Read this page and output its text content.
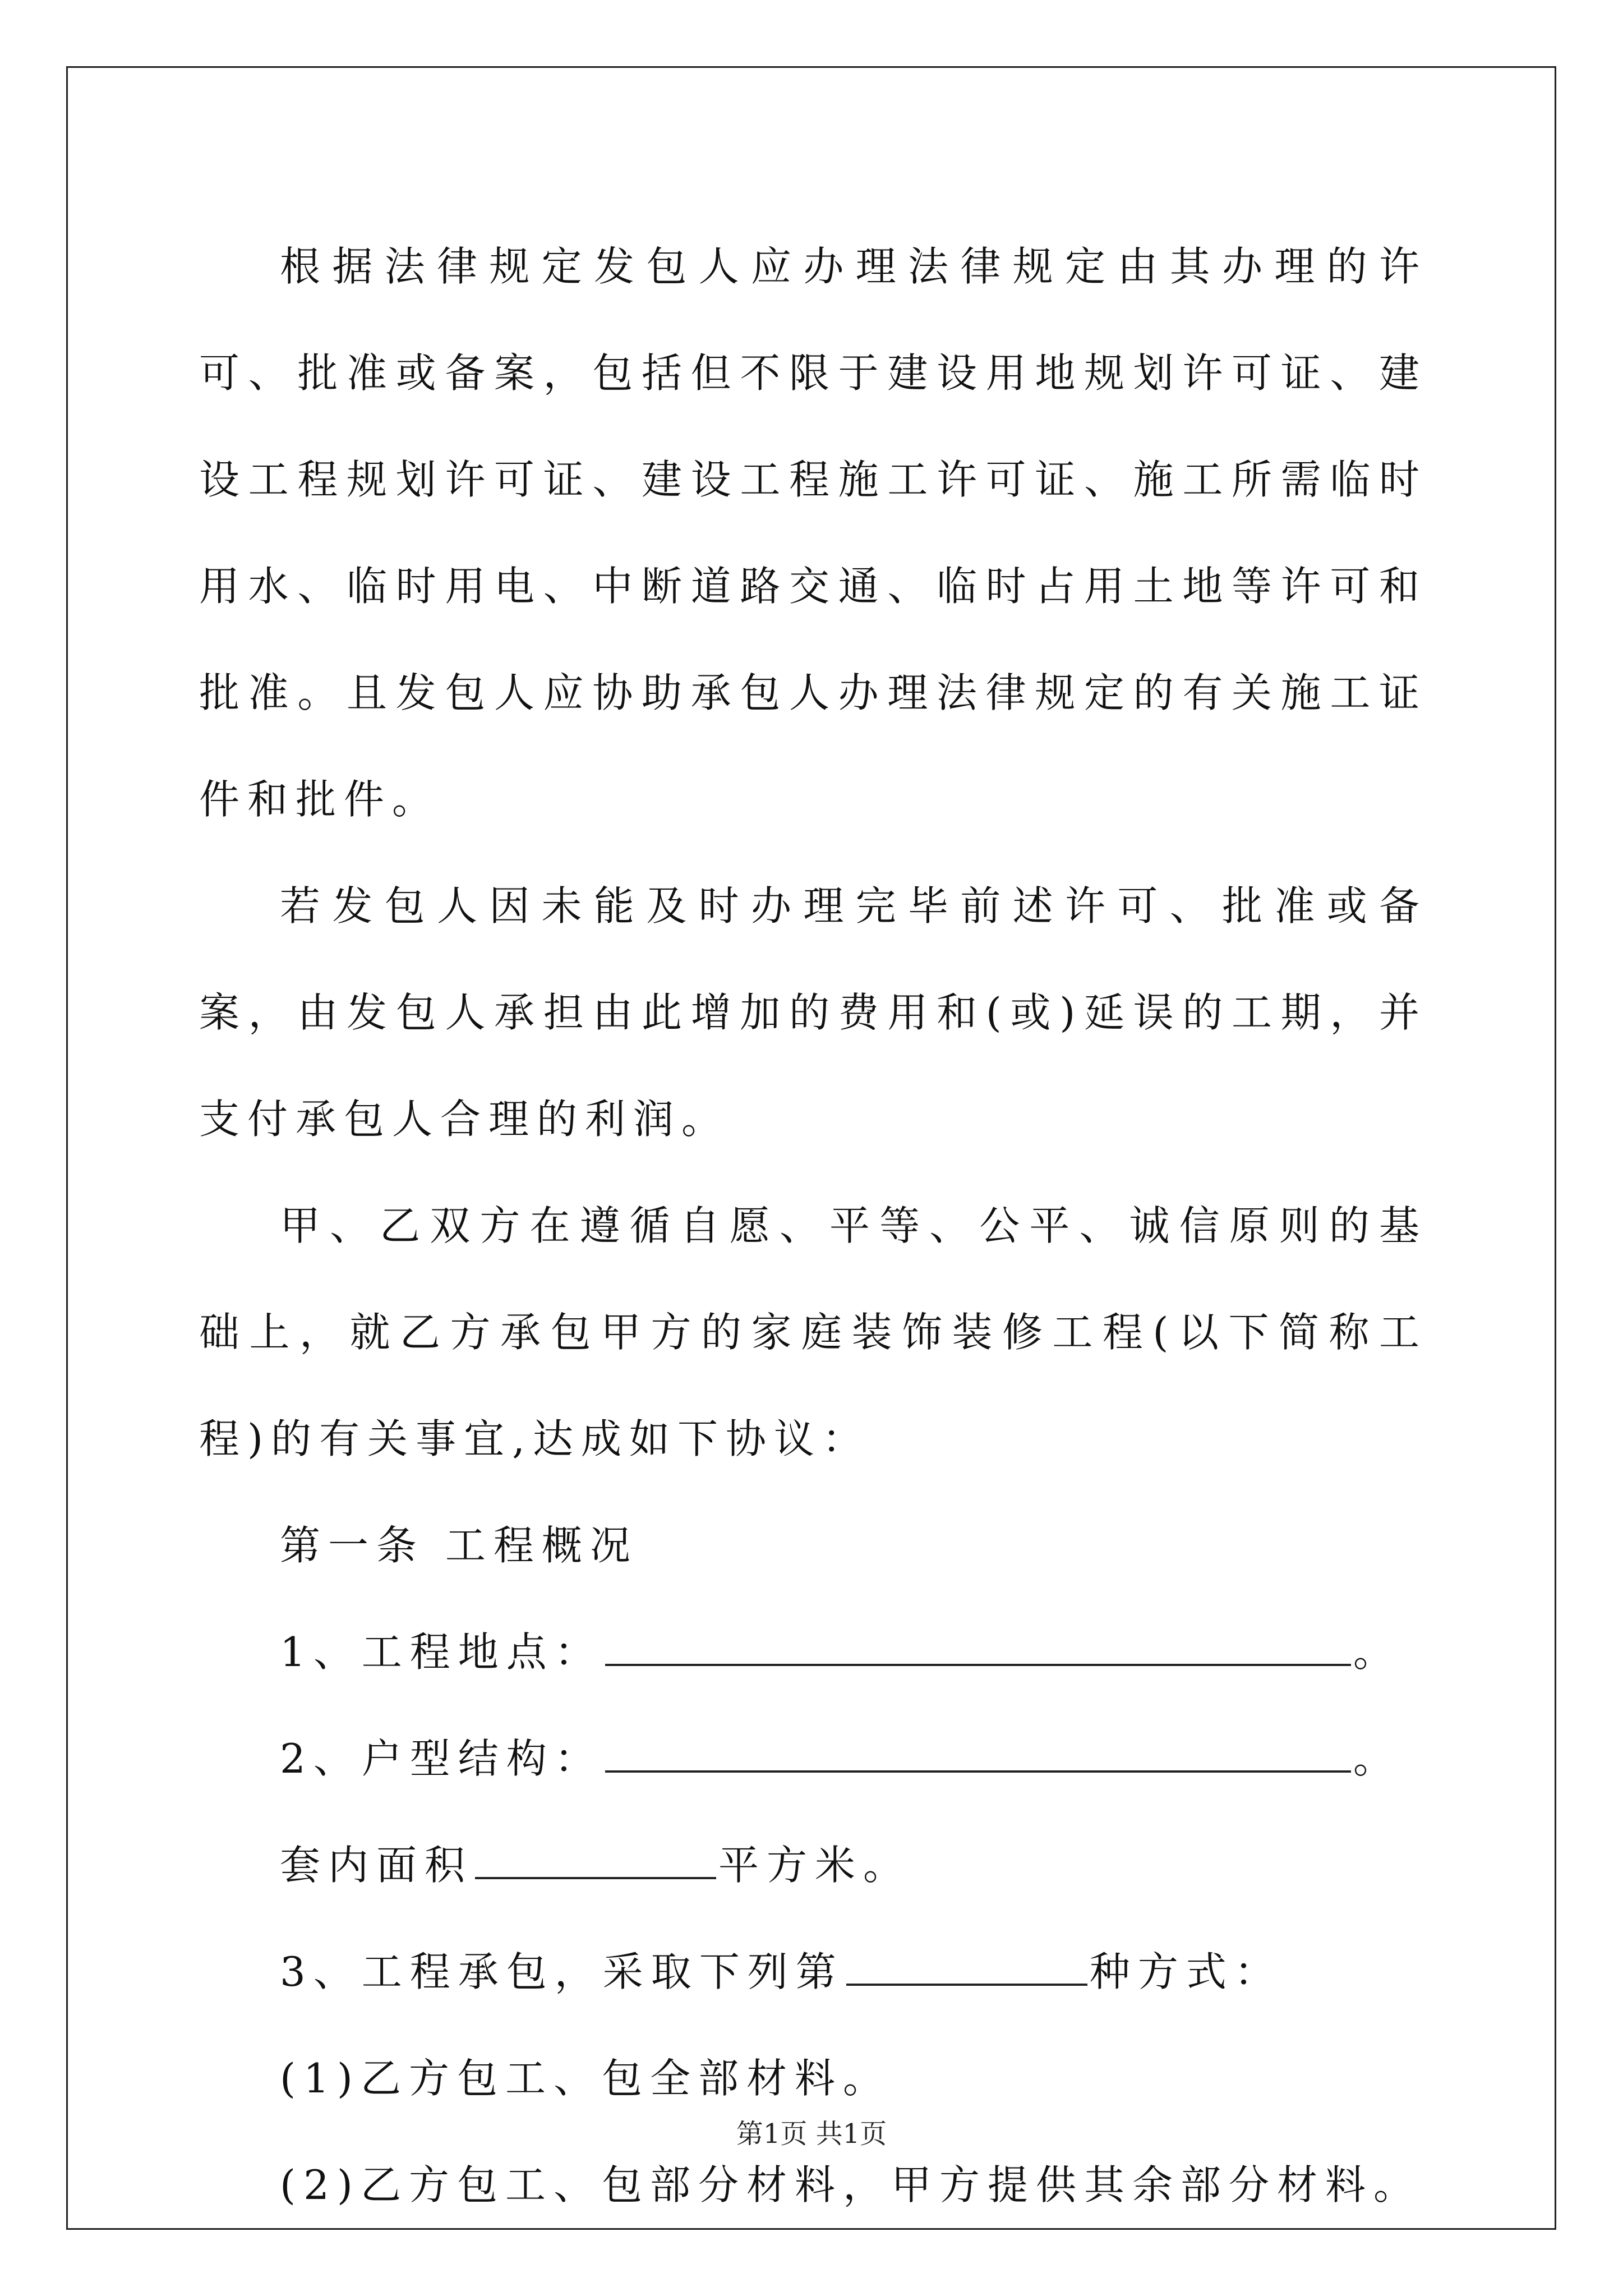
根据法律规定发包人应办理法律规定由其办理的许可、批准或备案，包括但不限于建设用地规划许可证、建设工程规划许可证、建设工程施工许可证、施工所需临时用水、临时用电、中断道路交通、临时占用土地等许可和批准。且发包人应协助承包人办理法律规定的有关施工证件和批件。

若发包人因未能及时办理完毕前述许可、批准或备案，由发包人承担由此增加的费用和(或)延误的工期，并支付承包人合理的利润。

甲、乙双方在遵循自愿、平等、公平、诚信原则的基础上，就乙方承包甲方的家庭装饰装修工程(以下简称工程)的有关事宜,达成如下协议：

第一条 工程概况

1、工程地点：	。

2、户型结构：	。

套内面积	平方米。

3、工程承包，采取下列第	种方式：

(1)乙方包工、包全部材料。

(2)乙方包工、包部分材料，甲方提供其余部分材料。

第1页 共1页
